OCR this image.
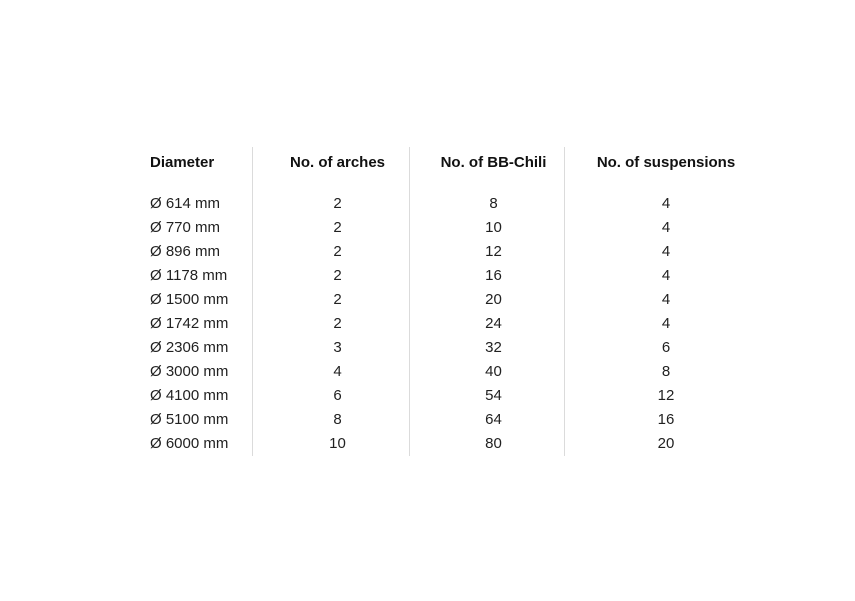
Diameter	No. of arches	No. of BB-Chili	No. of suspensions
Ø 614 mm	2	8	4
Ø 770 mm	2	10	4
Ø 896 mm	2	12	4
Ø 1178 mm	2	16	4
Ø 1500 mm	2	20	4
Ø 1742 mm	2	24	4
Ø 2306 mm	3	32	6
Ø 3000 mm	4	40	8
Ø 4100 mm	6	54	12
Ø 5100 mm	8	64	16
Ø 6000 mm	10	80	20
